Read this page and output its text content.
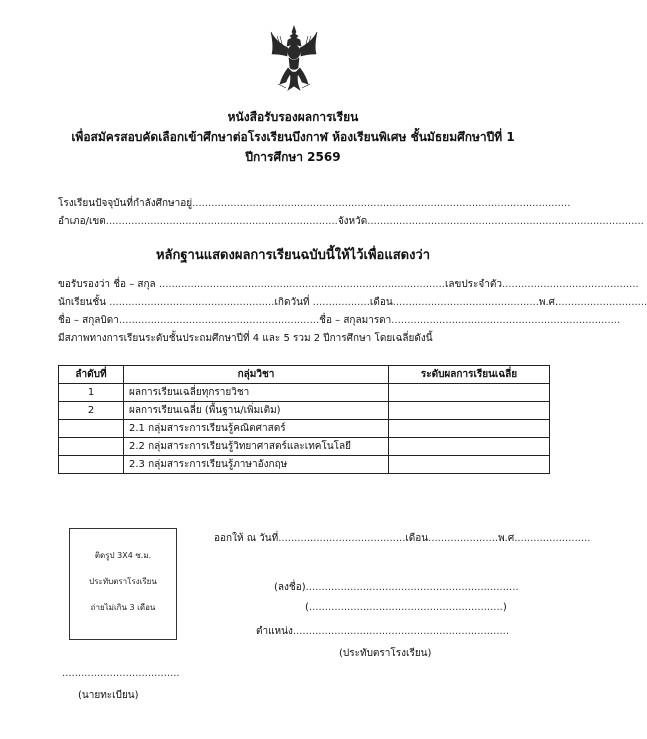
หนังสือรับรองผลการเรียน
เพื่อสมัครสอบคัดเลือกเข้าศึกษาต่อโรงเรียนบึงกาฬ ห้องเรียนพิเศษ ชั้นมัธยมศึกษาปีที่ 1
ปีการศึกษา 2569
โรงเรียนปัจจุบันที่กำลังศึกษาอยู่.......................................................................................................................
อำเภอ/เขต.........................................................................จังหวัด.......................................................................................
หลักฐานแสดงผลการเรียนฉบับนี้ให้ไว้เพื่อแสดงว่า
ขอรับรองว่า ชื่อ – สกุล ..........................................................................................เลขประจำตัว...........................................
นักเรียนชั้น ....................................................เกิดวันที่ ..................เดือน..............................................พ.ศ.............................
ชื่อ – สกุลบิดา...............................................................ชื่อ – สกุลมารดา........................................................................
มีสภาพทางการเรียนระดับชั้นประถมศึกษาปีที่ 4 และ 5 รวม 2 ปีการศึกษา โดยเฉลี่ยดังนี้
ลำดับที่	กลุ่มวิชา	ระดับผลการเรียนเฉลี่ย
1	ผลการเรียนเฉลี่ยทุกรายวิชา	
2	ผลการเรียนเฉลี่ย (พื้นฐาน/เพิ่มเติม)	
	2.1 กลุ่มสาระการเรียนรู้คณิตศาสตร์	
	2.2 กลุ่มสาระการเรียนรู้วิทยาศาสตร์และเทคโนโลยี	
	2.3 กลุ่มสาระการเรียนรู้ภาษาอังกฤษ	
ออกให้ ณ วันที่........................................เดือน......................พ.ศ........................
ติดรูป 3X4 ซ.ม.
ประทับตราโรงเรียน
ถ่ายไม่เกิน 3 เดือน
(ลงชื่อ)...................................................................
(.............................................................)
ตำแหน่ง....................................................................
(ประทับตราโรงเรียน)
.....................................
(นายทะเบียน)
